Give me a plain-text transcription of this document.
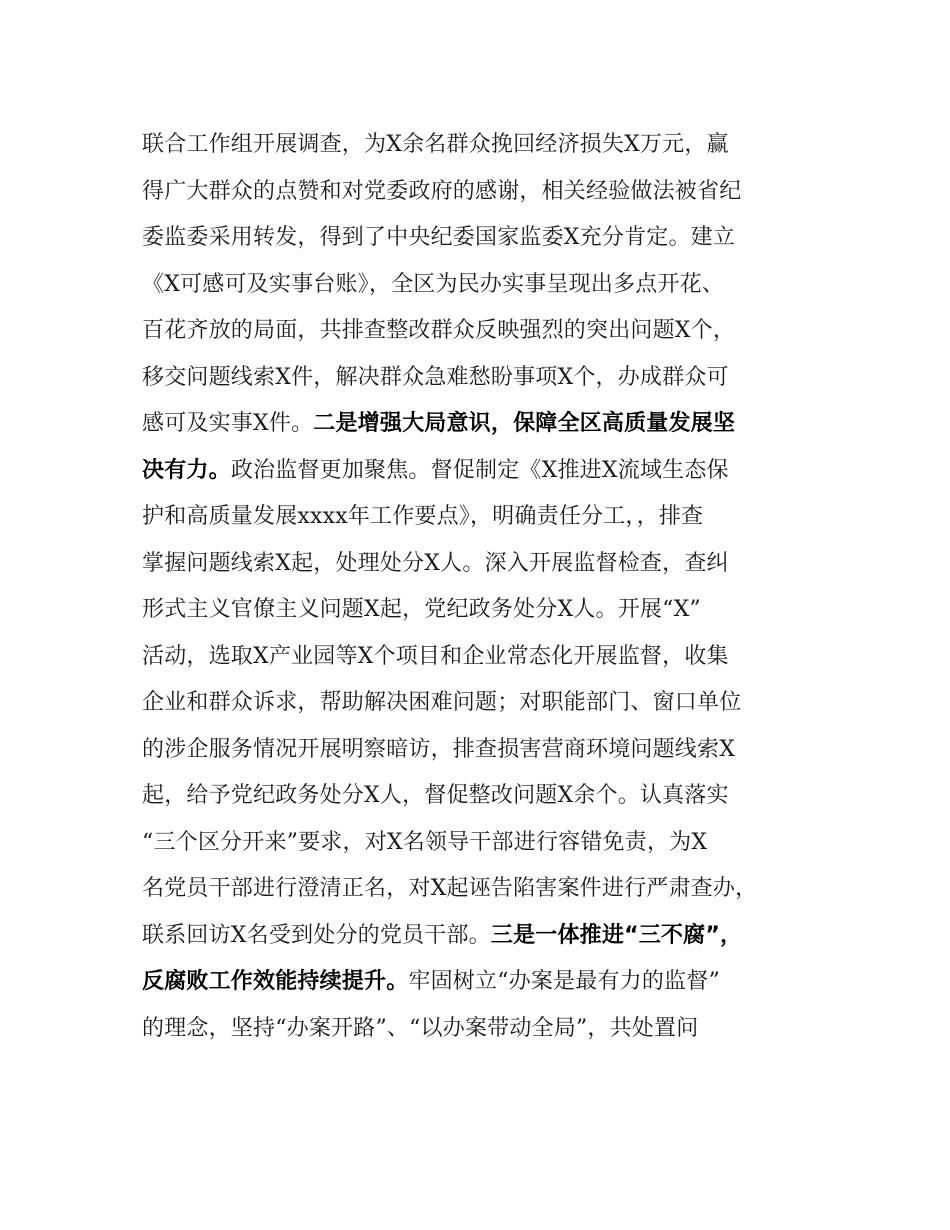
联合工作组开展调查，为X余名群众挽回经济损失X万元，赢
得广大群众的点赞和对党委政府的感谢，相关经验做法被省纪
委监委采用转发，得到了中央纪委国家监委X充分肯定。建立
《X可感可及实事台账》，全区为民办实事呈现出多点开花、
百花齐放的局面，共排查整改群众反映强烈的突出问题X个，
移交问题线索X件，解决群众急难愁盼事项X个，办成群众可
感可及实事X件。二是增强大局意识，保障全区高质量发展坚
决有力。政治监督更加聚焦。督促制定《X推进X流域生态保
护和高质量发展xxxx年工作要点》，明确责任分工，，排查
掌握问题线索X起，处理处分X人。深入开展监督检查，查纠
形式主义官僚主义问题X起，党纪政务处分X人。开展“X”
活动，选取X产业园等X个项目和企业常态化开展监督，收集
企业和群众诉求，帮助解决困难问题；对职能部门、窗口单位
的涉企服务情况开展明察暗访，排查损害营商环境问题线索X
起，给予党纪政务处分X人，督促整改问题X余个。认真落实
“三个区分开来”要求，对X名领导干部进行容错免责，为X
名党员干部进行澄清正名，对X起诬告陷害案件进行严肃查办，
联系回访X名受到处分的党员干部。三是一体推进“三不腐”，
反腐败工作效能持续提升。牢固树立“办案是最有力的监督”
的理念，坚持“办案开路”、“以办案带动全局”，共处置问
